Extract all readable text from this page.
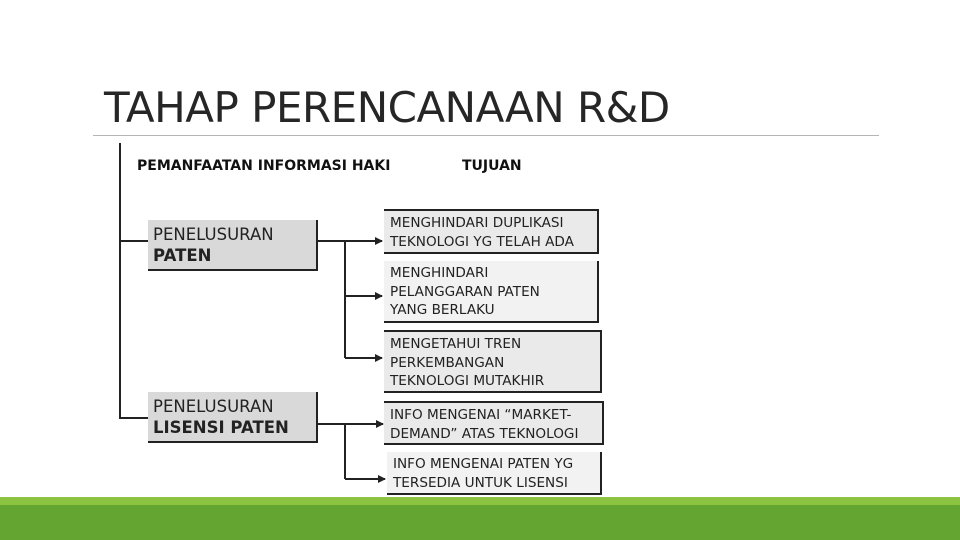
TAHAP PERENCANAAN R&D
PEMANFAATAN INFORMASI HAKI	TUJUAN
PENELUSURAN
PATEN
PENELUSURAN
LISENSI PATEN
MENGHINDARI DUPLIKASI
TEKNOLOGI YG TELAH ADA
MENGHINDARI
PELANGGARAN PATEN
YANG BERLAKU
MENGETAHUI TREN
PERKEMBANGAN
TEKNOLOGI MUTAKHIR
INFO MENGENAI “MARKET-
DEMAND” ATAS TEKNOLOGI
INFO MENGENAI PATEN YG
TERSEDIA UNTUK LISENSI
